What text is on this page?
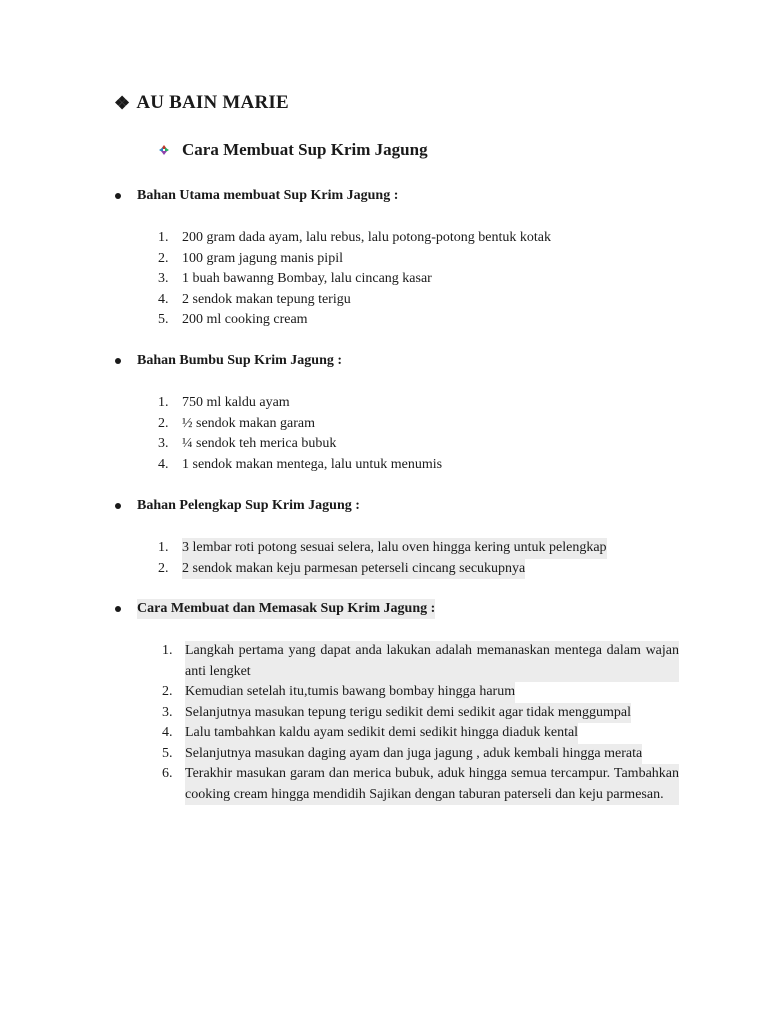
❖ AU BAIN MARIE
Cara Membuat Sup Krim Jagung
Bahan Utama membuat Sup Krim Jagung :
1. 200 gram dada ayam, lalu rebus, lalu potong-potong bentuk kotak
2. 100 gram jagung manis pipil
3. 1 buah bawanng Bombay, lalu cincang kasar
4. 2 sendok makan tepung terigu
5. 200 ml cooking cream
Bahan Bumbu Sup Krim Jagung :
1. 750 ml kaldu ayam
2. ½ sendok makan garam
3. ¼ sendok teh merica bubuk
4. 1 sendok makan mentega, lalu untuk menumis
Bahan Pelengkap Sup Krim Jagung :
1. 3 lembar roti potong sesuai selera, lalu oven hingga kering untuk pelengkap
2. 2 sendok makan keju parmesan peterseli cincang secukupnya
Cara Membuat dan Memasak Sup Krim Jagung :
1. Langkah pertama yang dapat anda lakukan adalah memanaskan mentega dalam wajan anti lengket
2. Kemudian setelah itu,tumis bawang bombay hingga harum
3. Selanjutnya masukan tepung terigu sedikit demi sedikit agar tidak menggumpal
4. Lalu tambahkan kaldu ayam sedikit demi sedikit hingga diaduk kental
5. Selanjutnya masukan daging ayam dan juga jagung , aduk kembali hingga merata
6. Terakhir masukan garam dan merica bubuk, aduk hingga semua tercampur. Tambahkan cooking cream hingga mendidih Sajikan dengan taburan paterseli dan keju parmesan.
